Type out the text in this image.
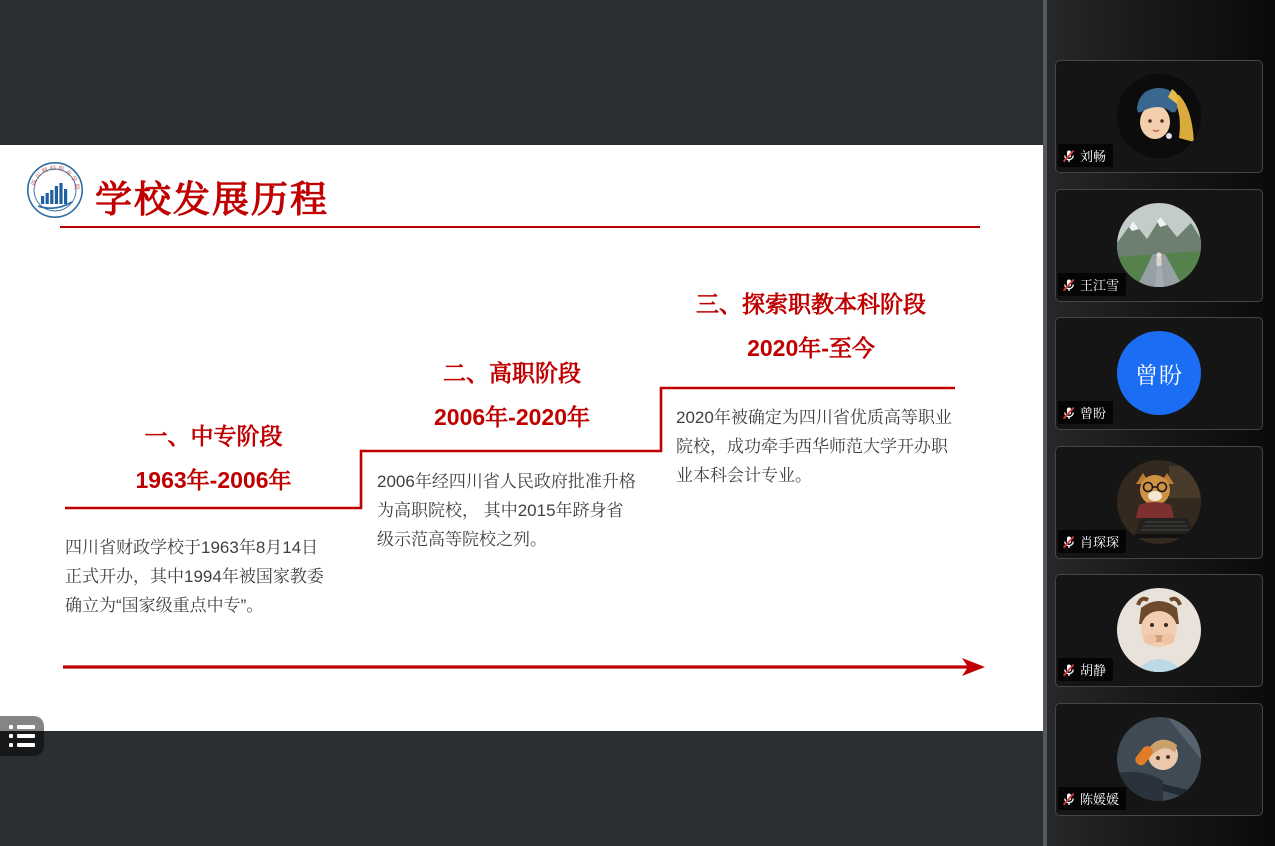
四川财经职业学院 学校发展历程
一、中专阶段
1963年-2006年
四川省财政学校于1963年8月14日
正式开办，其中1994年被国家教委
确立为“国家级重点中专”。
二、高职阶段
2006年-2020年
2006年经四川省人民政府批准升格
为高职院校， 其中2015年跻身省
级示范高等院校之列。
三、探索职教本科阶段
2020年-至今
2020年被确定为四川省优质高等职业
院校，成功牵手西华师范大学开办职
业本科会计专业。
刘畅
王江雪
曾盼
曾盼
肖琛琛
胡静
陈媛媛
